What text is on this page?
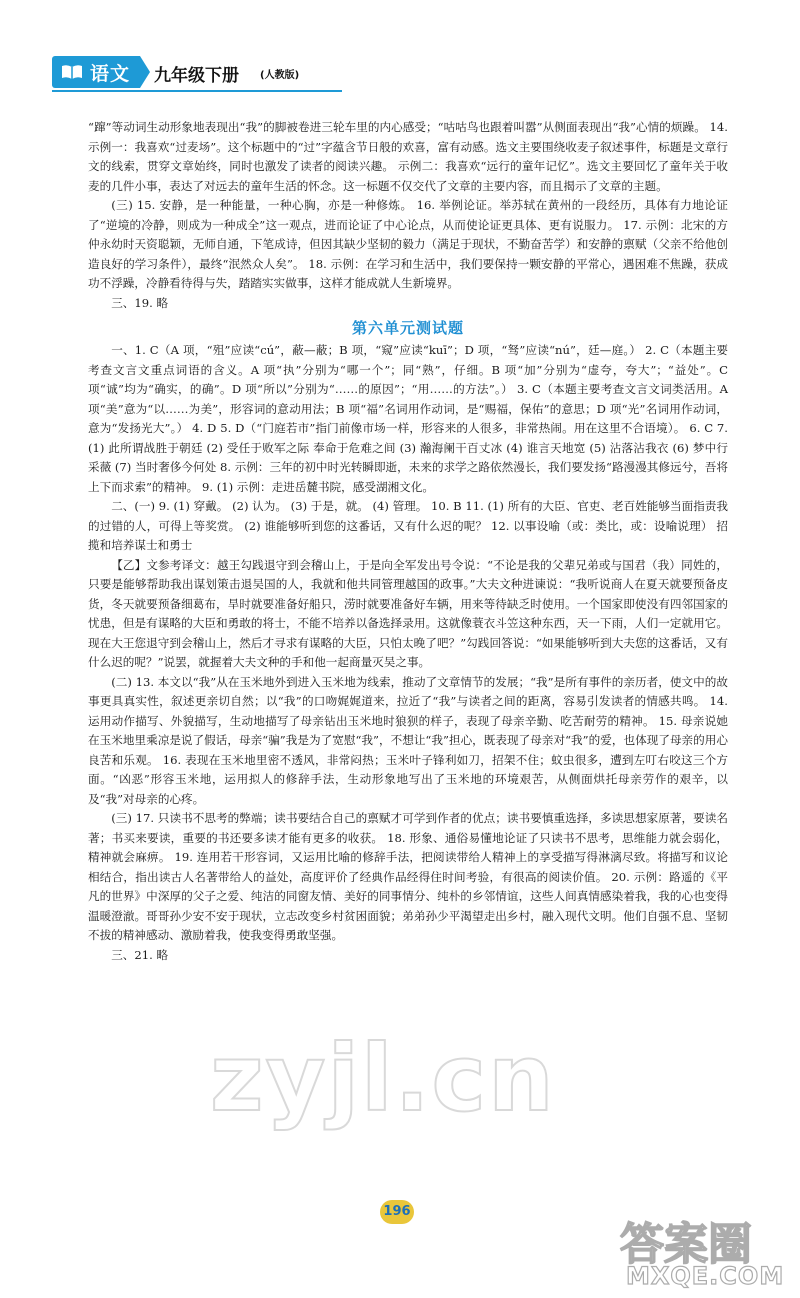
语文 九年级下册 (人教版)

“蹿”等动词生动形象地表现出“我”的脚被卷进三轮车里的内心感受；“咕咕鸟也跟着叫嚣”从侧面表现出“我”心情的烦躁。 14. 示例一：我喜欢“过麦场”。这个标题中的“过”字蕴含节日般的欢喜，富有动感。选文主要围绕收麦子叙述事件，标题是文章行文的线索，贯穿文章始终，同时也激发了读者的阅读兴趣。 示例二：我喜欢“远行的童年记忆”。选文主要回忆了童年关于收麦的几件小事，表达了对远去的童年生活的怀念。这一标题不仅交代了文章的主要内容，而且揭示了文章的主题。

(三) 15. 安静，是一种能量，一种心胸，亦是一种修炼。 16. 举例论证。举苏轼在黄州的一段经历，具体有力地论证了“逆境的冷静，则成为一种成全”这一观点，进而论证了中心论点，从而使论证更具体、更有说服力。 17. 示例：北宋的方仲永幼时天资聪颖，无师自通，下笔成诗，但因其缺少坚韧的毅力（满足于现状，不勤奋苦学）和安静的禀赋（父亲不给他创造良好的学习条件），最终“泯然众人矣”。 18. 示例：在学习和生活中，我们要保持一颗安静的平常心，遇困难不焦躁，获成功不浮躁，冷静看待得与失，踏踏实实做事，这样才能成就人生新境界。

三、19. 略

第六单元测试题

一、1. C（A 项，“殂”应读“cú”，蔽—蔽；B 项，“窥”应读“kuī”；D 项，“驽”应读“nú”，廷—庭。） 2. C（本题主要考查文言文重点词语的含义。A 项“执”分别为“哪一个”；同“熟”，仔细。B 项“加”分别为“虚夸，夸大”；“益处”。C 项“诚”均为“确实，的确”。D 项“所以”分别为“……的原因”；“用……的方法”。） 3. C（本题主要考查文言文词类活用。A 项“美”意为“以……为美”，形容词的意动用法；B 项“福”名词用作动词，是“赐福，保佑”的意思；D 项“光”名词用作动词，意为“发扬光大”。） 4. D 5. D（“门庭若市”指门前像市场一样，形容来的人很多，非常热闹。用在这里不合语境）。 6. C 7. (1) 此所谓战胜于朝廷 (2) 受任于败军之际 奉命于危难之间 (3) 瀚海阑干百丈冰 (4) 谁言天地宽 (5) 沾落沾我衣 (6) 梦中行采薇 (7) 当时奢侈今何处 8. 示例：三年的初中时光转瞬即逝，未来的求学之路依然漫长，我们要发扬“路漫漫其修远兮，吾将上下而求索”的精神。 9. (1) 示例：走进岳麓书院，感受湖湘文化。

二、(一) 9. (1) 穿戴。 (2) 认为。 (3) 于是，就。 (4) 管理。 10. B 11. (1) 所有的大臣、官吏、老百姓能够当面指责我的过错的人，可得上等奖赏。 (2) 谁能够听到您的这番话，又有什么迟的呢？ 12. 以事设喻（或：类比，或：设喻说理） 招揽和培养谋士和勇士

【乙】文参考译文：越王勾践退守到会稽山上，于是向全军发出号令说：“不论是我的父辈兄弟或与国君（我）同姓的，只要是能够帮助我出谋划策击退吴国的人，我就和他共同管理越国的政事。”大夫文种进谏说：“我听说商人在夏天就要预备皮货，冬天就要预备细葛布，旱时就要准备好船只，涝时就要准备好车辆，用来等待缺乏时使用。一个国家即使没有四邻国家的忧患，但是有谋略的大臣和勇敢的将士，不能不培养以备选择录用。这就像蓑衣斗笠这种东西，天一下雨，人们一定就用它。现在大王您退守到会稽山上，然后才寻求有谋略的大臣，只怕太晚了吧？”勾践回答说：“如果能够听到大夫您的这番话，又有什么迟的呢？”说罢，就握着大夫文种的手和他一起商量灭吴之事。

(二) 13. 本文以“我”从在玉米地外到进入玉米地为线索，推动了文章情节的发展；“我”是所有事件的亲历者，使文中的故事更具真实性，叙述更亲切自然；以“我”的口吻娓娓道来，拉近了“我”与读者之间的距离，容易引发读者的情感共鸣。 14. 运用动作描写、外貌描写，生动地描写了母亲钻出玉米地时狼狈的样子，表现了母亲辛勤、吃苦耐劳的精神。 15. 母亲说她在玉米地里乘凉是说了假话，母亲“骗”我是为了宽慰“我”，不想让“我”担心，既表现了母亲对“我”的爱，也体现了母亲的用心良苦和乐观。 16. 表现在玉米地里密不透风，非常闷热；玉米叶子锋利如刀，招架不住；蚊虫很多，遭到左叮右咬这三个方面。“凶恶”形容玉米地，运用拟人的修辞手法，生动形象地写出了玉米地的环境艰苦，从侧面烘托母亲劳作的艰辛，以及“我”对母亲的心疼。

(三) 17. 只读书不思考的弊端；读书要结合自己的禀赋才可学到作者的优点；读书要慎重选择，多读思想家原著，要读名著；书买来要读，重要的书还要多读才能有更多的收获。 18. 形象、通俗易懂地论证了只读书不思考，思维能力就会弱化，精神就会麻痹。 19. 连用若干形容词，又运用比喻的修辞手法，把阅读带给人精神上的享受描写得淋漓尽致。将描写和议论相结合，指出读古人名著带给人的益处，高度评价了经典作品经得住时间考验，有很高的阅读价值。 20. 示例：路遥的《平凡的世界》中深厚的父子之爱、纯洁的同窗友情、美好的同事情分、纯朴的乡邻情谊，这些人间真情感染着我，我的心也变得温暖澄澈。哥哥孙少安不安于现状，立志改变乡村贫困面貌；弟弟孙少平渴望走出乡村，融入现代文明。他们自强不息、坚韧不拔的精神感动、激励着我，使我变得勇敢坚强。

三、21. 略

zyjl.cn
答案圈
MXQE.COM
196
